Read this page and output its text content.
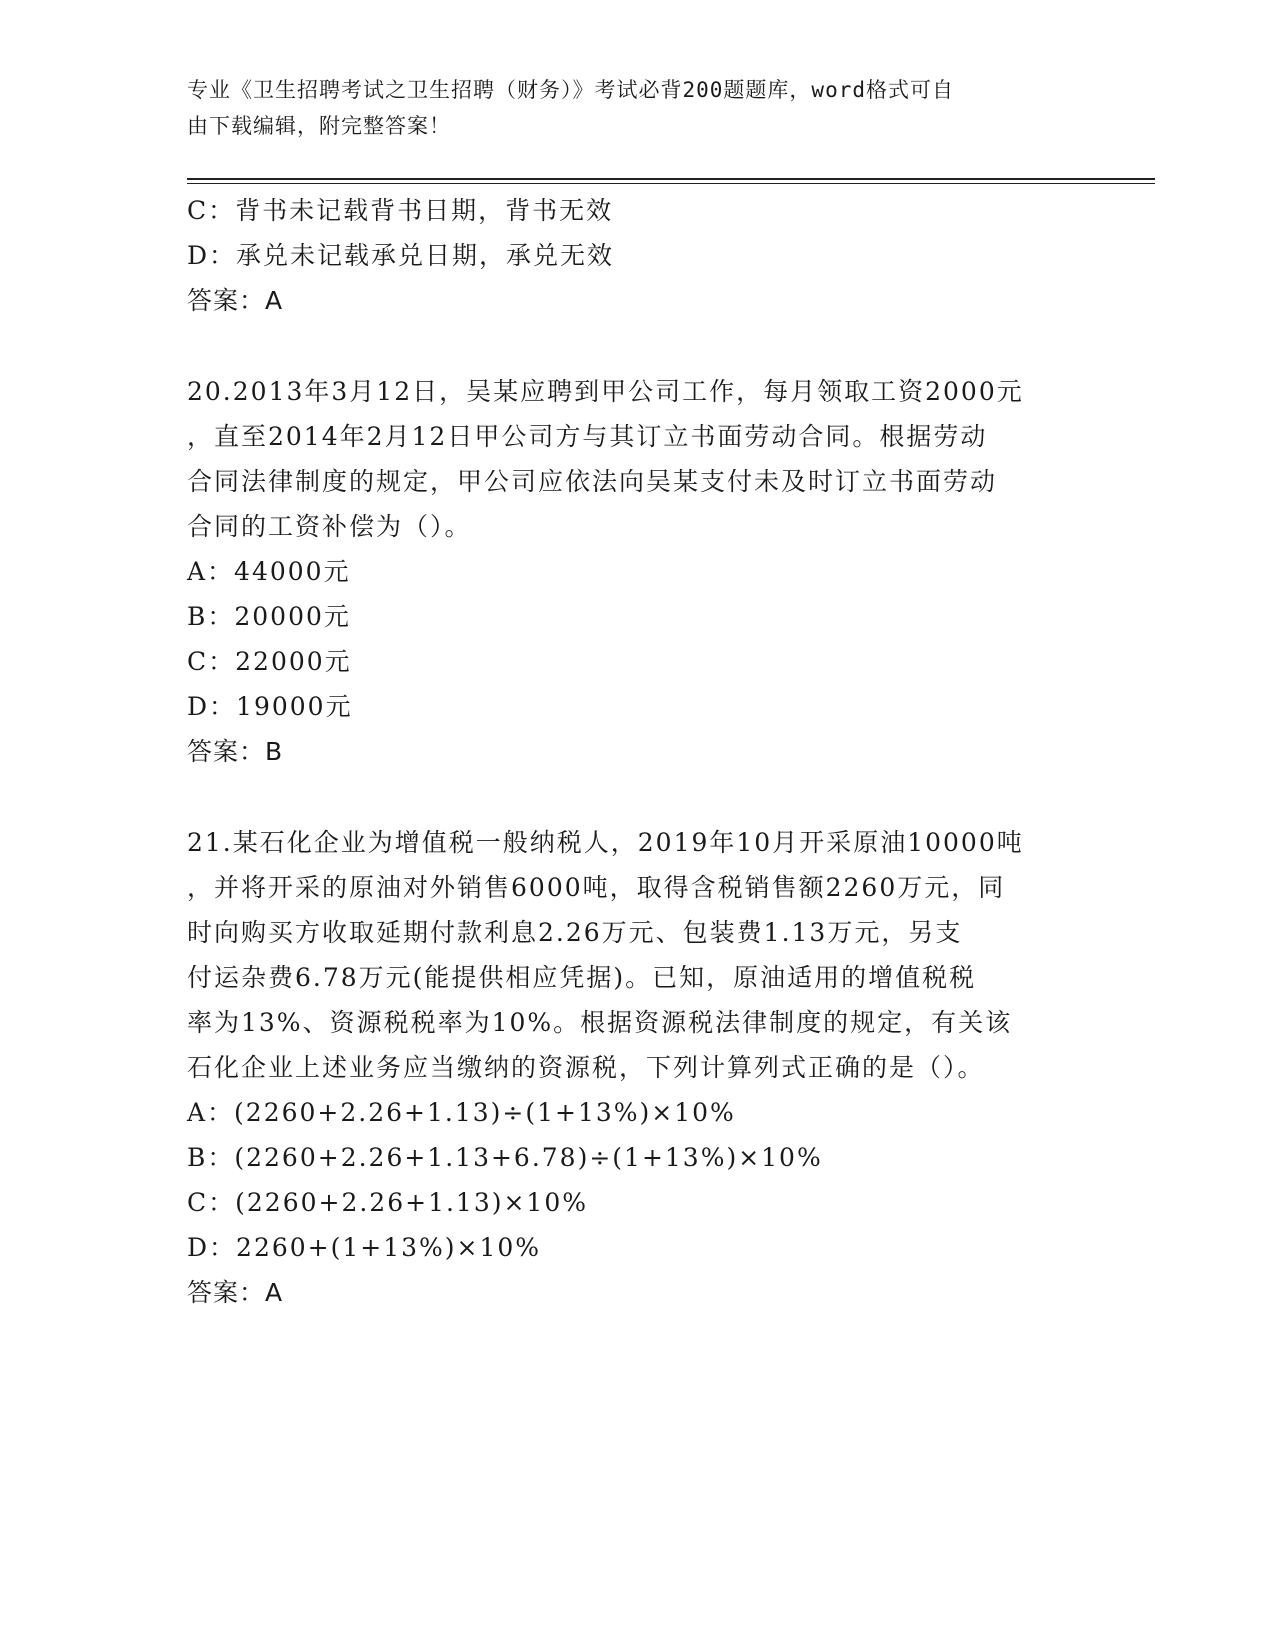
专业《卫生招聘考试之卫生招聘（财务）》考试必背200题题库，word格式可自
由下载编辑，附完整答案！
C：背书未记载背书日期，背书无效
D：承兑未记载承兑日期，承兑无效
答案：A
20.2013年3月12日，吴某应聘到甲公司工作，每月领取工资2000元
，直至2014年2月12日甲公司方与其订立书面劳动合同。根据劳动
合同法律制度的规定，甲公司应依法向吴某支付未及时订立书面劳动
合同的工资补偿为（）。
A：44000元
B：20000元
C：22000元
D：19000元
答案：B
21.某石化企业为增值税一般纳税人，2019年10月开采原油10000吨
，并将开采的原油对外销售6000吨，取得含税销售额2260万元，同
时向购买方收取延期付款利息2.26万元、包装费1.13万元，另支
付运杂费6.78万元(能提供相应凭据)。已知，原油适用的增值税税
率为13%、资源税税率为10%。根据资源税法律制度的规定，有关该
石化企业上述业务应当缴纳的资源税，下列计算列式正确的是（）。
A：(2260+2.26+1.13)÷(1+13%)×10%
B：(2260+2.26+1.13+6.78)÷(1+13%)×10%
C：(2260+2.26+1.13)×10%
D：2260+(1+13%)×10%
答案：A
